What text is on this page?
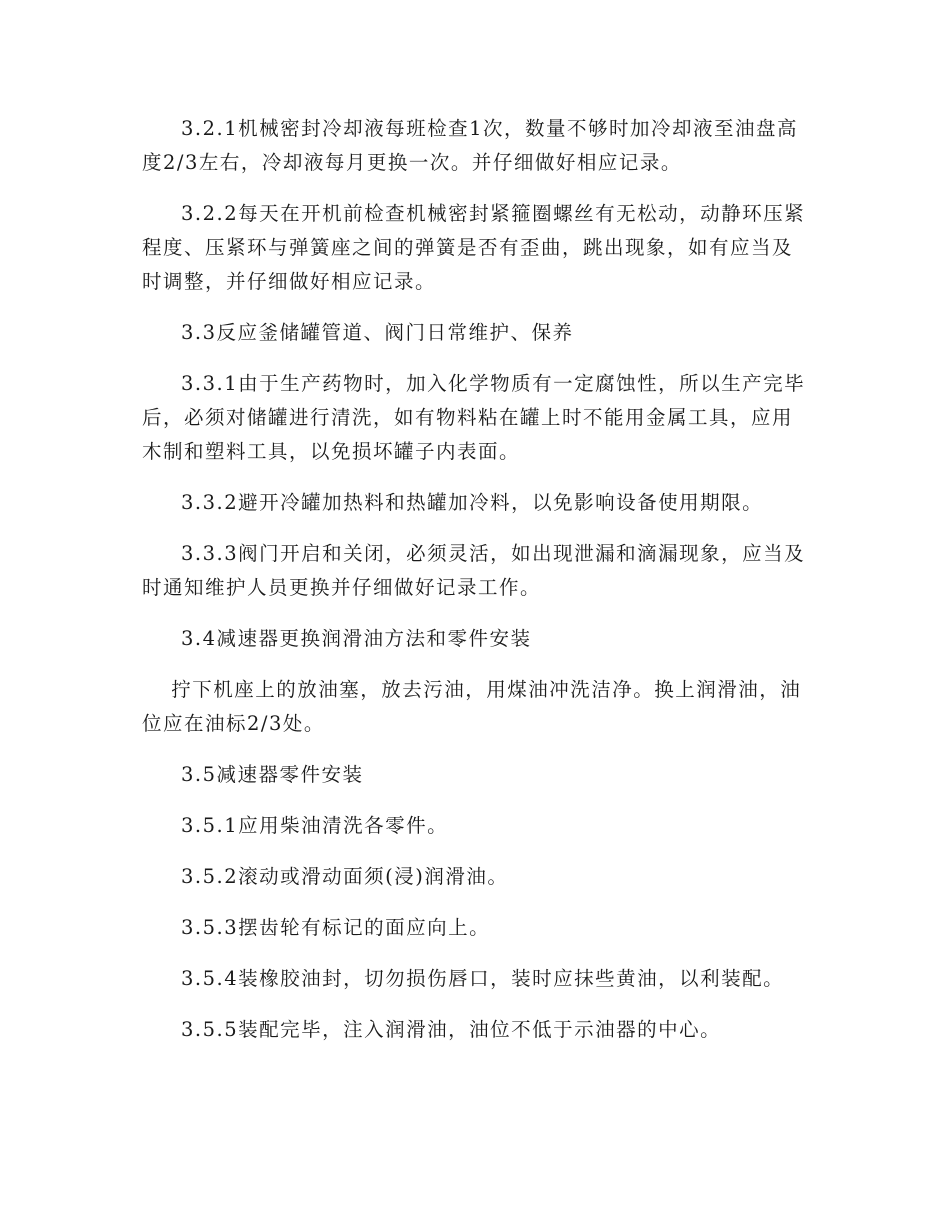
3.2.1机械密封冷却液每班检查1次，数量不够时加冷却液至油盘高度2/3左右，冷却液每月更换一次。并仔细做好相应记录。

3.2.2每天在开机前检查机械密封紧箍圈螺丝有无松动，动静环压紧程度、压紧环与弹簧座之间的弹簧是否有歪曲，跳出现象，如有应当及时调整，并仔细做好相应记录。

3.3反应釜储罐管道、阀门日常维护、保养

3.3.1由于生产药物时，加入化学物质有一定腐蚀性，所以生产完毕后，必须对储罐进行清洗，如有物料粘在罐上时不能用金属工具，应用木制和塑料工具，以免损坏罐子内表面。

3.3.2避开冷罐加热料和热罐加冷料，以免影响设备使用期限。

3.3.3阀门开启和关闭，必须灵活，如出现泄漏和滴漏现象，应当及时通知维护人员更换并仔细做好记录工作。

3.4减速器更换润滑油方法和零件安装

拧下机座上的放油塞，放去污油，用煤油冲洗洁净。换上润滑油，油位应在油标2/3处。

3.5减速器零件安装

3.5.1应用柴油清洗各零件。

3.5.2滚动或滑动面须(浸)润滑油。

3.5.3摆齿轮有标记的面应向上。

3.5.4装橡胶油封，切勿损伤唇口，装时应抹些黄油，以利装配。

3.5.5装配完毕，注入润滑油，油位不低于示油器的中心。
